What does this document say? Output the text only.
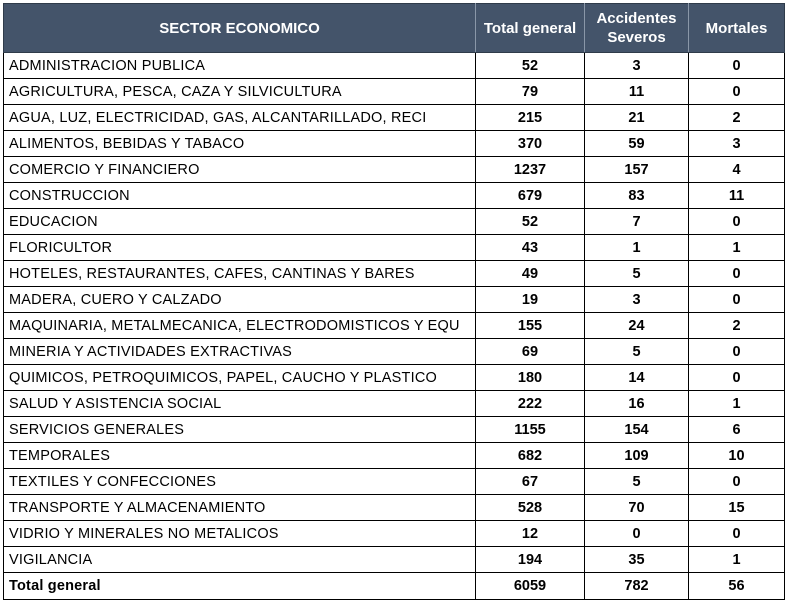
SECTOR ECONOMICO	Total general	Accidentes Severos	Mortales
ADMINISTRACION PUBLICA	52	3	0
AGRICULTURA, PESCA, CAZA Y SILVICULTURA	79	11	0
AGUA, LUZ, ELECTRICIDAD, GAS, ALCANTARILLADO, RECI	215	21	2
ALIMENTOS, BEBIDAS Y TABACO	370	59	3
COMERCIO Y FINANCIERO	1237	157	4
CONSTRUCCION	679	83	11
EDUCACION	52	7	0
FLORICULTOR	43	1	1
HOTELES, RESTAURANTES, CAFES, CANTINAS Y BARES	49	5	0
MADERA, CUERO Y CALZADO	19	3	0
MAQUINARIA, METALMECANICA, ELECTRODOMISTICOS Y EQU	155	24	2
MINERIA Y ACTIVIDADES EXTRACTIVAS	69	5	0
QUIMICOS, PETROQUIMICOS, PAPEL, CAUCHO Y PLASTICO	180	14	0
SALUD Y ASISTENCIA SOCIAL	222	16	1
SERVICIOS GENERALES	1155	154	6
TEMPORALES	682	109	10
TEXTILES Y CONFECCIONES	67	5	0
TRANSPORTE Y ALMACENAMIENTO	528	70	15
VIDRIO Y MINERALES NO METALICOS	12	0	0
VIGILANCIA	194	35	1
Total general	6059	782	56
